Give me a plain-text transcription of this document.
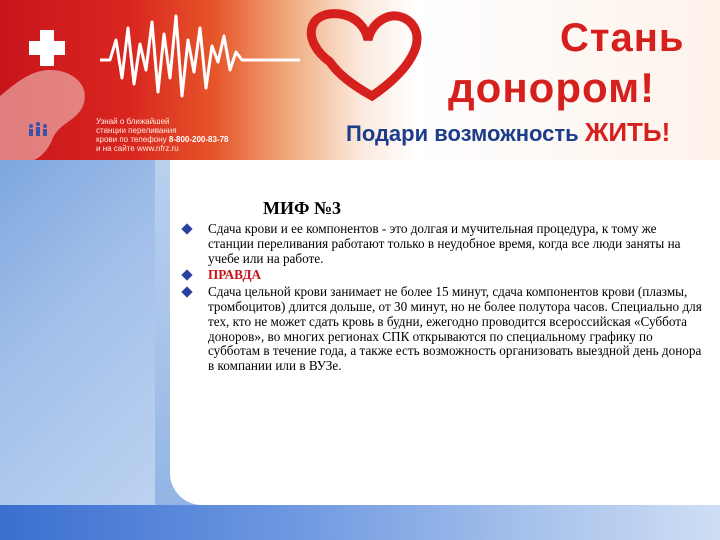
Узнай о ближайшей
станции переливания
крови по телефону 8-800-200-83-78
и на сайте www.nfrz.ru
Стань
донором!
Подари возможность ЖИТЬ!
МИФ №3
Сдача крови и ее компонентов - это долгая и мучительная процедура, к тому же станции переливания работают только в неудобное время, когда все люди заняты на учебе или на работе.
ПРАВДА
Сдача цельной крови занимает не более 15 минут, сдача компонентов крови (плазмы, тромбоцитов) длится дольше, от 30 минут, но не более полутора часов. Специально для тех, кто не может сдать кровь в будни, ежегодно проводится всероссийская «Суббота доноров», во многих регионах СПК открываются по специальному графику по субботам в течение года, а также есть возможность организовать выездной день донора в компании или в ВУЗе.
